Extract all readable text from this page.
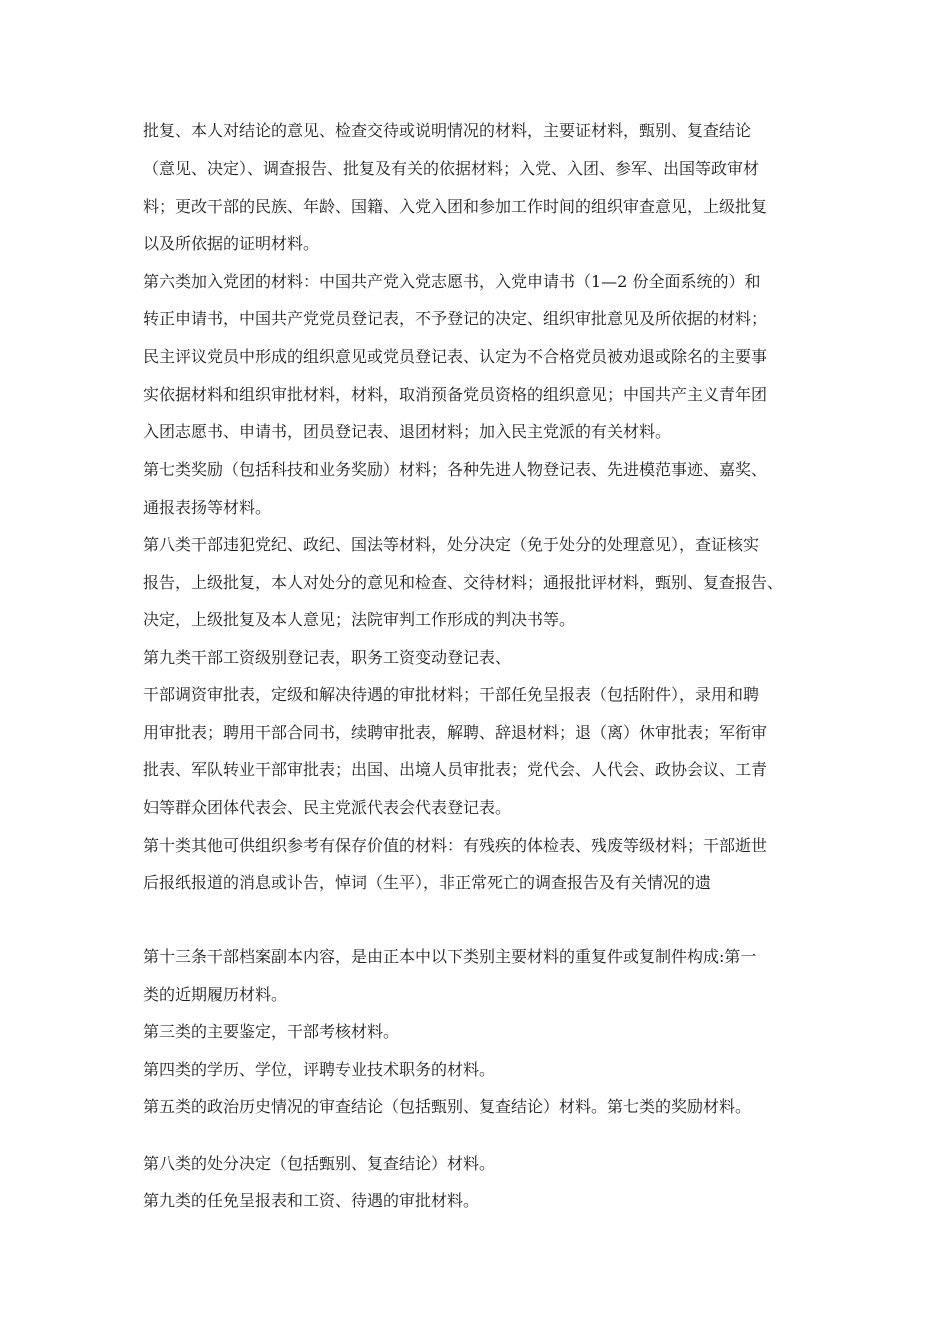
批复、本人对结论的意见、检查交待或说明情况的材料，主要证材料，甄别、复查结论
（意见、决定）、调查报告、批复及有关的依据材料；入党、入团、参军、出国等政审材
料；更改干部的民族、年龄、国籍、入党入团和参加工作时间的组织审查意见，上级批复
以及所依据的证明材料。
第六类加入党团的材料：中国共产党入党志愿书，入党申请书（1—2 份全面系统的）和
转正申请书，中国共产党党员登记表，不予登记的决定、组织审批意见及所依据的材料；
民主评议党员中形成的组织意见或党员登记表、认定为不合格党员被劝退或除名的主要事
实依据材料和组织审批材料，材料，取消预备党员资格的组织意见；中国共产主义青年团
入团志愿书、申请书，团员登记表、退团材料；加入民主党派的有关材料。
第七类奖励（包括科技和业务奖励）材料；各种先进人物登记表、先进模范事迹、嘉奖、
通报表扬等材料。
第八类干部违犯党纪、政纪、国法等材料，处分决定（免于处分的处理意见），查证核实
报告，上级批复，本人对处分的意见和检查、交待材料；通报批评材料，甄别、复查报告、
决定，上级批复及本人意见；法院审判工作形成的判决书等。
第九类干部工资级别登记表，职务工资变动登记表、
干部调资审批表，定级和解决待遇的审批材料；干部任免呈报表（包括附件），录用和聘
用审批表；聘用干部合同书，续聘审批表，解聘、辞退材料；退（离）休审批表；军衔审
批表、军队转业干部审批表；出国、出境人员审批表；党代会、人代会、政协会议、工青
妇等群众团体代表会、民主党派代表会代表登记表。
第十类其他可供组织参考有保存价值的材料：有残疾的体检表、残废等级材料；干部逝世
后报纸报道的消息或讣告，悼词（生平），非正常死亡的调查报告及有关情况的遗
第十三条干部档案副本内容，是由正本中以下类别主要材料的重复件或复制件构成:第一
类的近期履历材料。
第三类的主要鉴定，干部考核材料。
第四类的学历、学位，评聘专业技术职务的材料。
第五类的政治历史情况的审查结论（包括甄别、复查结论）材料。第七类的奖励材料。
第八类的处分决定（包括甄别、复查结论）材料。
第九类的任免呈报表和工资、待遇的审批材料。
